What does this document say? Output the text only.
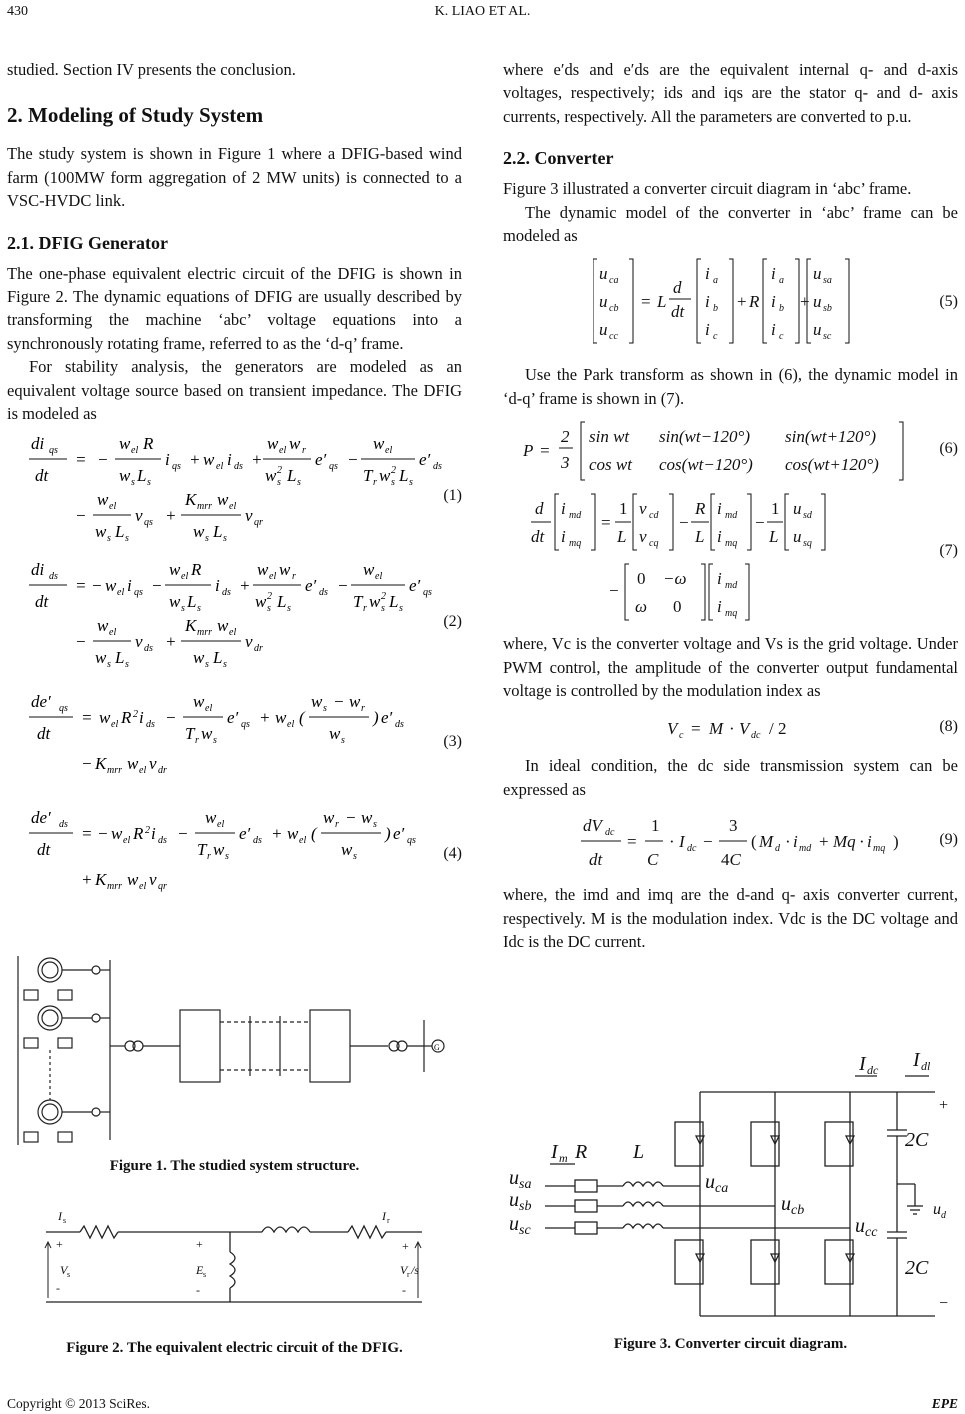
430	K. LIAO ET AL.

studied. Section IV presents the conclusion.

2. Modeling of Study System

The study system is shown in Figure 1 where a DFIG-based wind farm (100MW form aggregation of 2 MW units) is connected to a VSC-HVDC link.

2.1. DFIG Generator

The one-phase equivalent electric circuit of the DFIG is shown in Figure 2. The dynamic equations of DFIG are usually described by transforming the machine ‘abc’ voltage equations into a synchronously rotating frame, referred to as the ‘d-q’ frame.

For stability analysis, the generators are modeled as an equivalent voltage source based on transient impedance. The DFIG is modeled as

di qs
dt
= −
w el R
w s L s
i qs + w el i ds +
w el w r
w 2
s L s
e′ qs −
w el
T r w 2
s L s
e′ ds
−
w el
w s L s
v qs +
K mrr w el
w s L s
v qr
(1)
di ds
dt
= − w el i qs −
w el R
w s L s
i ds +
w el w r
w 2
s L s
e′ ds −
w el
T r w 2
s L s
e′ qs
−
w el
w s L s
v ds +
K mrr w el
w s L s
v dr
(2)
de′ qs
dt
= w el R 2 i ds −
w el
T r w s
e′ qs + w el (
w s − w r
w s
) e′ ds
− K mrr w el v dr
(3)
de′ ds
dt
= − w el R 2 i ds −
w el
T r w s
e′ ds + w el (
w r − w s
w s
) e′ qs
+ K mrr w el v qr
(4)
G
Figure 1. The studied system structure.
I s	I r
+
-
V s
+
-
E s
+
-
V r /s
Figure 2. The equivalent electric circuit of the DFIG.

where e′ds and e′ds are the equivalent internal q- and d-axis voltages, respectively; ids and iqs are the stator q- and d- axis currents, respectively. All the parameters are converted to p.u.

2.2. Converter

Figure 3 illustrated a converter circuit diagram in ‘abc’ frame.

The dynamic model of the converter in ‘abc’ frame can be modeled as

u ca
u cb
u cc
= L
d
dt
i a
i b
i c
+ R
i a
i b
i c
+
u sa
u sb
u sc
(5)

Use the Park transform as shown in (6), the dynamic model in ‘d-q’ frame is shown in (7).

P =
2
3
sin wt sin(wt−120°) sin(wt+120°)
cos wt cos(wt−120°) cos(wt+120°)
(6)
d
dt
i md
i mq
=
1
L
v cd
v cq
−
R
L
i md
i mq
−
1
L
u sd
u sq
−
0 −ω
ω 0
i md
i mq
(7)

where, Vc is the converter voltage and Vs is the grid voltage. Under PWM control, the amplitude of the converter output fundamental voltage is controlled by the modulation index as

V c = M · V dc / 2	(8)

In ideal condition, the dc side transmission system can be expressed as

dV dc
dt
=
1
C
· I dc −
3
4C
( M d · i md + Mq · i mq )	(9)

where, the imd and imq are the d-and q- axis converter current, respectively. M is the modulation index. Vdc is the DC voltage and Idc is the DC current.

I dc I dl
+
−
2C
2C
u d
I m R L
u sa
u sb
u sc
u ca
u cb
u cc
Figure 3. Converter circuit diagram.
Copyright © 2013 SciRes.	EPE
